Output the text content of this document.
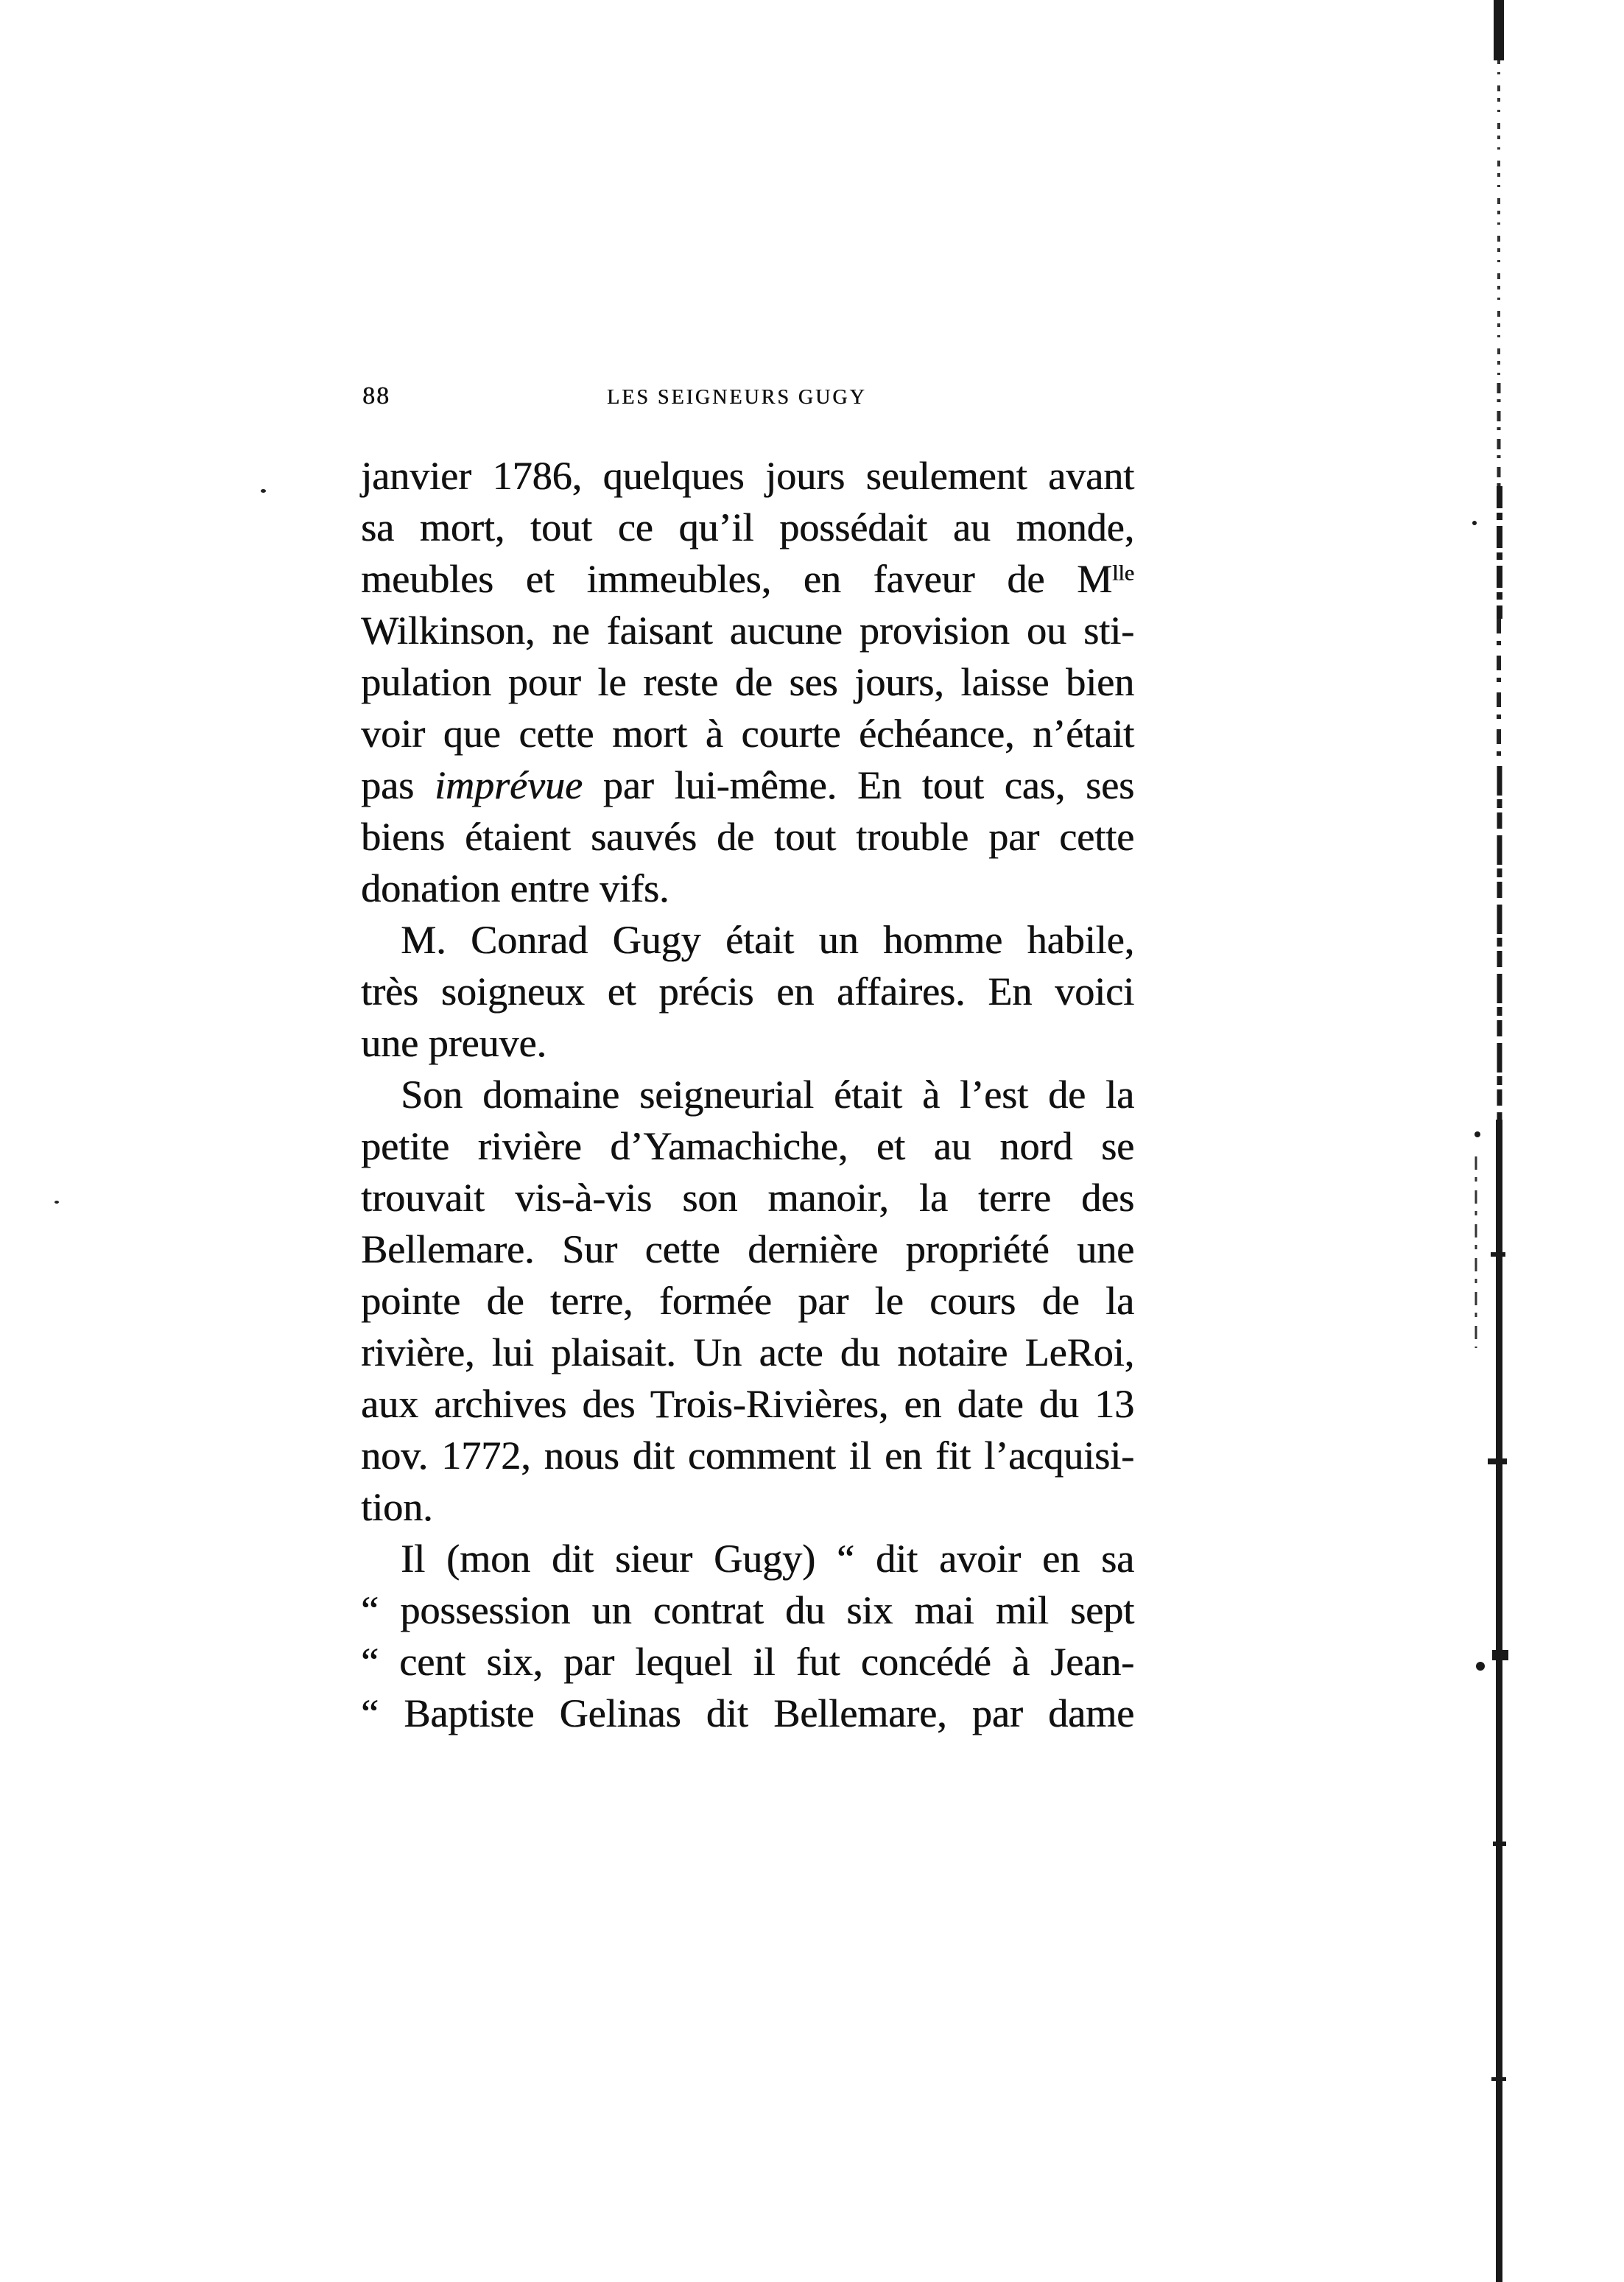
88	LES SEIGNEURS GUGY
janvier 1786, quelques jours seulement avant
sa mort, tout ce qu’il possédait au monde,
meubles et immeubles, en faveur de $M^{lle}$
Wilkinson, ne faisant aucune provision ou sti-
pulation pour le reste de ses jours, laisse bien
voir que cette mort à courte échéance, n’était
pas imprévue par lui-même. En tout cas, ses
biens étaient sauvés de tout trouble par cette
donation entre vifs.
M. Conrad Gugy était un homme habile,
très soigneux et précis en affaires. En voici
une preuve.
Son domaine seigneurial était à l’est de la
petite rivière d’Yamachiche, et au nord se
trouvait vis-à-vis son manoir, la terre des
Bellemare. Sur cette dernière propriété une
pointe de terre, formée par le cours de la
rivière, lui plaisait. Un acte du notaire LeRoi,
aux archives des Trois-Rivières, en date du 13
nov. 1772, nous dit comment il en fit l’acquisi-
tion.
Il (mon dit sieur Gugy) “ dit avoir en sa
“ possession un contrat du six mai mil sept
“ cent six, par lequel il fut concédé à Jean-
“ Baptiste Gelinas dit Bellemare, par dame
